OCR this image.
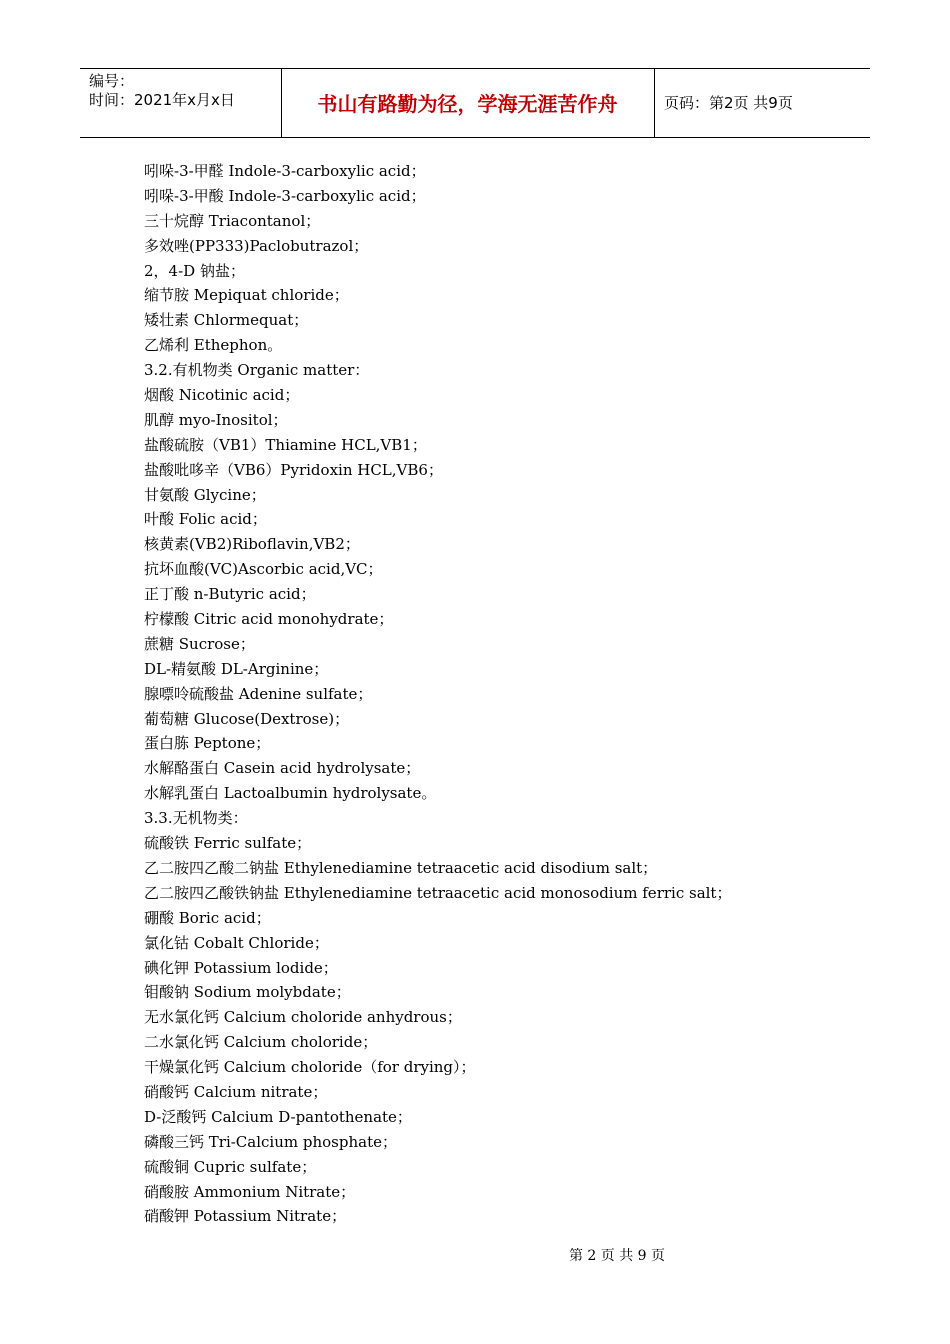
编号：
时间：2021年x月x日	书山有路勤为径，学海无涯苦作舟	页码：第2页 共9页
吲哚-3-甲醛 Indole-3-carboxylic acid；
吲哚-3-甲酸 Indole-3-carboxylic acid；
三十烷醇 Triacontanol；
多效唑(PP333)Paclobutrazol；
2，4-D 钠盐；
缩节胺 Mepiquat chloride；
矮壮素 Chlormequat；
乙烯利 Ethephon。
3.2.有机物类 Organic matter：
烟酸 Nicotinic acid；
肌醇 myo-Inositol；
盐酸硫胺（VB1）Thiamine HCL,VB1；
盐酸吡哆辛（VB6）Pyridoxin HCL,VB6；
甘氨酸 Glycine；
叶酸 Folic acid；
核黄素(VB2)Riboflavin,VB2；
抗坏血酸(VC)Ascorbic acid,VC；
正丁酸 n-Butyric acid；
柠檬酸 Citric acid monohydrate；
蔗糖 Sucrose；
DL-精氨酸 DL-Arginine；
腺嘌呤硫酸盐 Adenine sulfate；
葡萄糖 Glucose(Dextrose)；
蛋白胨 Peptone；
水解酪蛋白 Casein acid hydrolysate；
水解乳蛋白 Lactoalbumin hydrolysate。
3.3.无机物类：
硫酸铁 Ferric sulfate；
乙二胺四乙酸二钠盐 Ethylenediamine tetraacetic acid disodium salt；
乙二胺四乙酸铁钠盐 Ethylenediamine tetraacetic acid monosodium ferric salt；
硼酸 Boric acid；
氯化钴 Cobalt Chloride；
碘化钾 Potassium lodide；
钼酸钠 Sodium molybdate；
无水氯化钙 Calcium choloride anhydrous；
二水氯化钙 Calcium choloride；
干燥氯化钙 Calcium choloride（for drying）；
硝酸钙 Calcium nitrate；
D-泛酸钙 Calcium D-pantothenate；
磷酸三钙 Tri-Calcium phosphate；
硫酸铜 Cupric sulfate；
硝酸胺 Ammonium Nitrate；
硝酸钾 Potassium Nitrate；
第 2 页 共 9 页
